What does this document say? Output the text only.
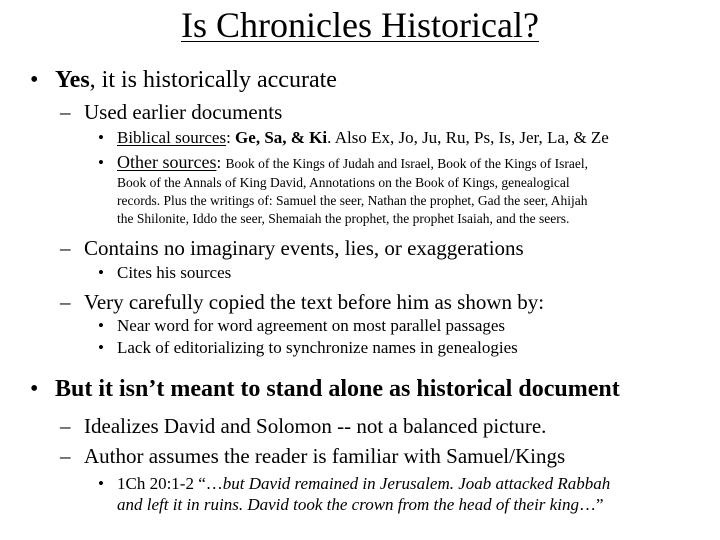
Is Chronicles Historical?
• Yes, it is historically accurate
– Used earlier documents
• Biblical sources: Ge, Sa, & Ki. Also Ex, Jo, Ju, Ru, Ps, Is, Jer, La, & Ze
• Other sources: Book of the Kings of Judah and Israel, Book of the Kings of Israel,
Book of the Annals of King David, Annotations on the Book of Kings, genealogical
records. Plus the writings of: Samuel the seer, Nathan the prophet, Gad the seer, Ahijah
the Shilonite, Iddo the seer, Shemaiah the prophet, the prophet Isaiah, and the seers.
– Contains no imaginary events, lies, or exaggerations
• Cites his sources
– Very carefully copied the text before him as shown by:
• Near word for word agreement on most parallel passages
• Lack of editorializing to synchronize names in genealogies
• But it isn’t meant to stand alone as historical document
– Idealizes David and Solomon -- not a balanced picture.
– Author assumes the reader is familiar with Samuel/Kings
• 1Ch 20:1-2 “…but David remained in Jerusalem. Joab attacked Rabbah
and left it in ruins. David took the crown from the head of their king…”
